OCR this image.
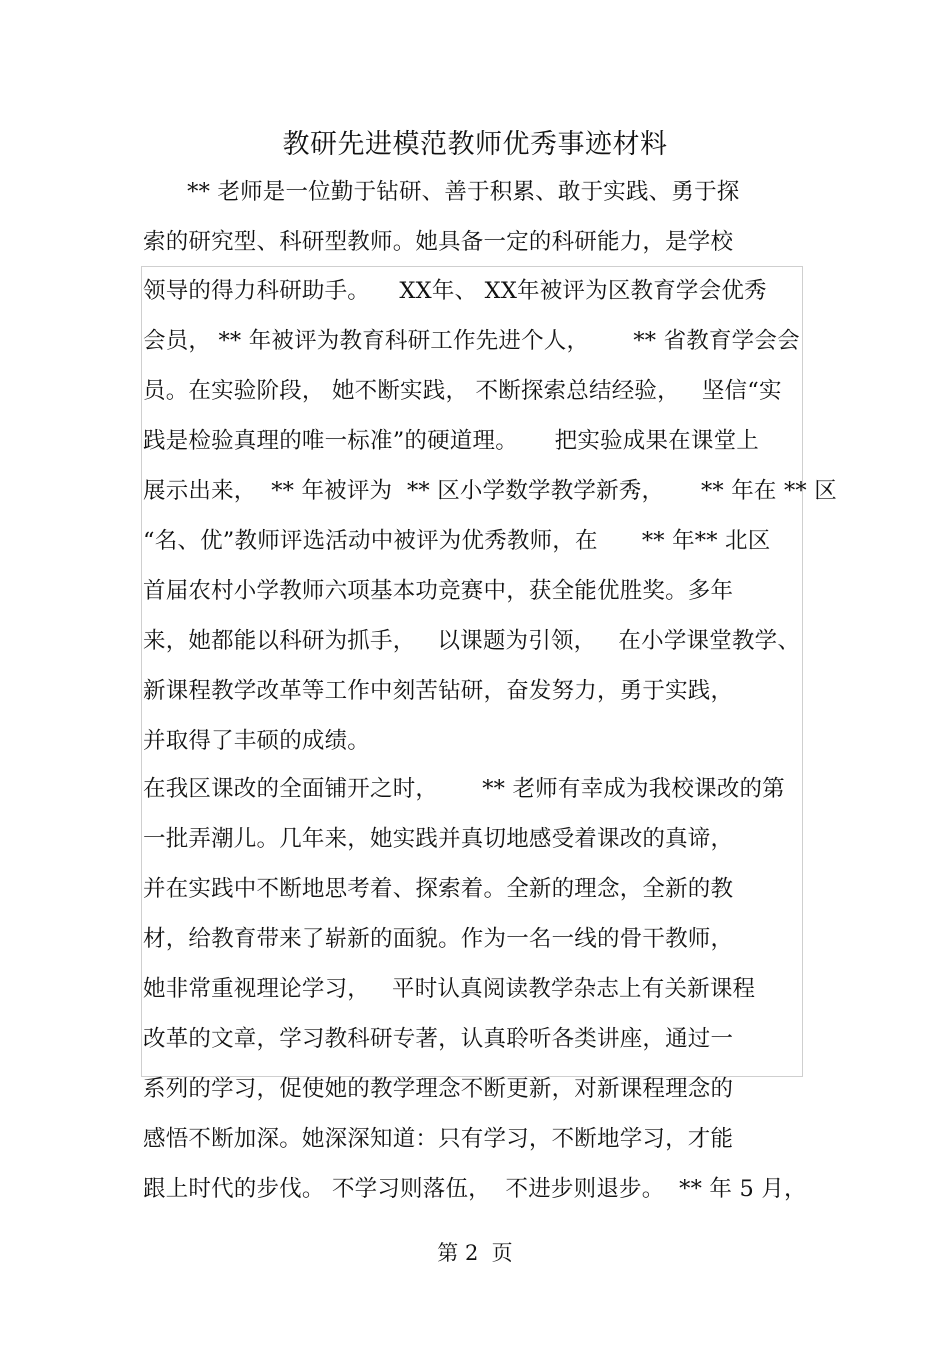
教研先进模范教师优秀事迹材料
** 老师是一位勤于钻研、善于积累、敢于实践、勇于探
索的研究型、科研型教师。她具备一定的科研能力，是学校
领导的得力科研助手。    XX年、 XX年被评为区教育学会优秀
会员， ** 年被评为教育科研工作先进个人，      ** 省教育学会会
员。在实验阶段， 她不断实践， 不断探索总结经验，   坚信“实
践是检验真理的唯一标准”的硬道理。     把实验成果在课堂上
展示出来，  ** 年被评为  ** 区小学数学教学新秀，     ** 年在 ** 区
“名、优”教师评选活动中被评为优秀教师，在      ** 年** 北区
首届农村小学教师六项基本功竞赛中，获全能优胜奖。多年
来，她都能以科研为抓手，   以课题为引领，   在小学课堂教学、
新课程教学改革等工作中刻苦钻研，奋发努力，勇于实践，
并取得了丰硕的成绩。
在我区课改的全面铺开之时，      ** 老师有幸成为我校课改的第
一批弄潮儿。几年来，她实践并真切地感受着课改的真谛，
并在实践中不断地思考着、探索着。全新的理念，全新的教
材，给教育带来了崭新的面貌。作为一名一线的骨干教师，
她非常重视理论学习，   平时认真阅读教学杂志上有关新课程
改革的文章，学习教科研专著，认真聆听各类讲座，通过一
系列的学习，促使她的教学理念不断更新，对新课程理念的
感悟不断加深。她深深知道：只有学习，不断地学习，才能
跟上时代的步伐。 不学习则落伍，  不进步则退步。  ** 年 5 月，
第 2  页
